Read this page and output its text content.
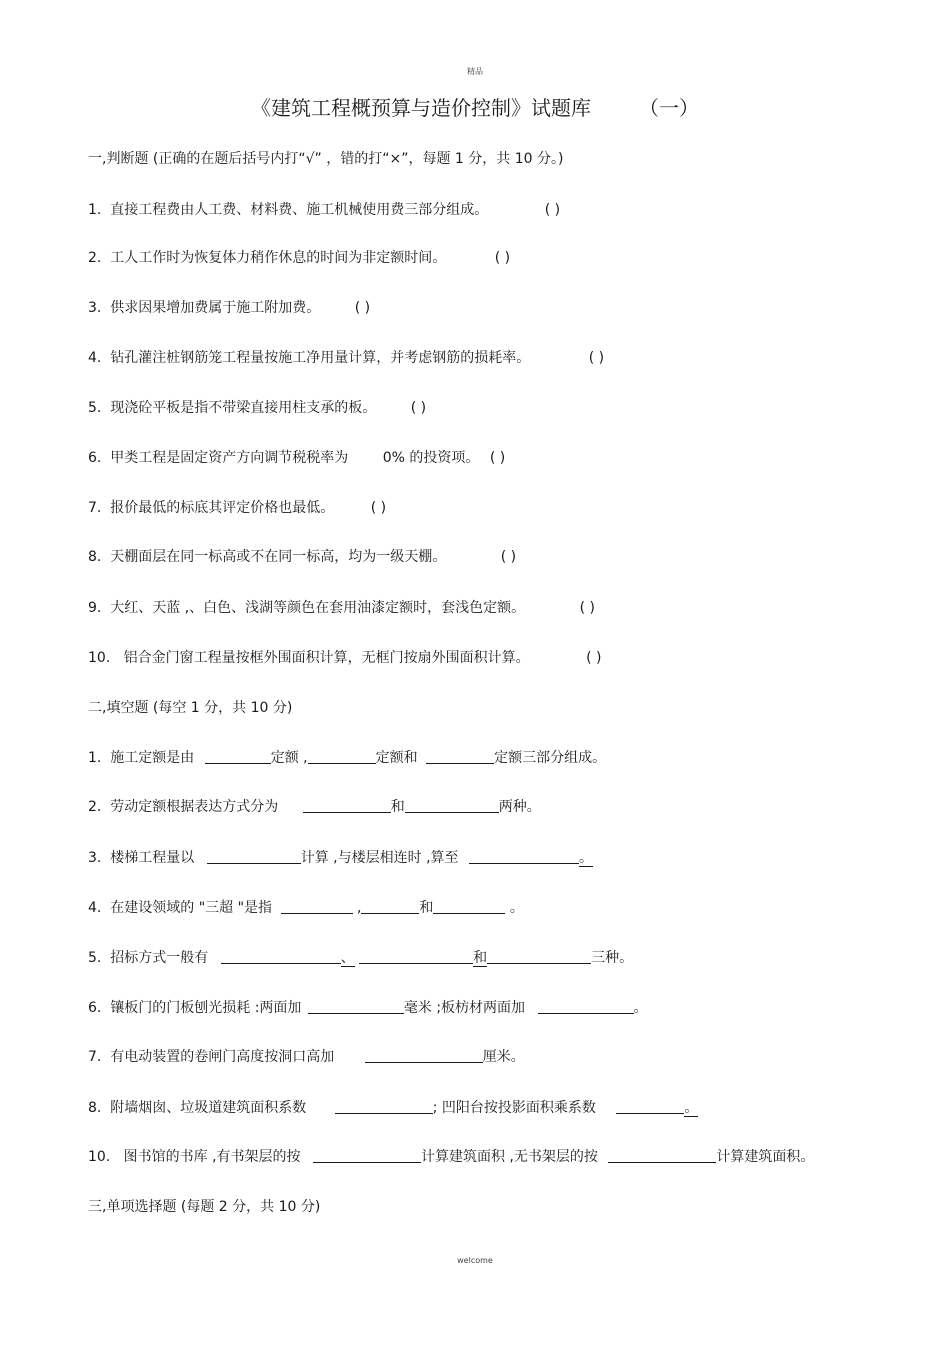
精品
《建筑工程概预算与造价控制》试题库 （一）
一,判断题 (正确的在题后括号内打“√” ，错的打“×”，每题 1 分，共 10 分。)
1. 直接工程费由人工费、材料费、施工机械使用费三部分组成。	( )
2. 工人工作时为恢复体力稍作休息的时间为非定额时间。	( )
3. 供求因果增加费属于施工附加费。 ( )
4. 钻孔灌注桩钢筋笼工程量按施工净用量计算，并考虑钢筋的损耗率。	( )
5. 现浇砼平板是指不带梁直接用柱支承的板。 ( )
6. 甲类工程是固定资产方向调节税税率为 0% 的投资项。 ( )
7. 报价最低的标底其评定价格也最低。	( )
8. 天棚面层在同一标高或不在同一标高，均为一级天棚。	( )
9. 大红、天蓝 ,、白色、浅湖等颜色在套用油漆定额时，套浅色定额。	( )
10. 铝合金门窗工程量按框外围面积计算，无框门按扇外围面积计算。	( )
二,填空题 (每空 1 分，共 10 分)
1. 施工定额是由	定额 ,	定额和	定额三部分组成。
2. 劳动定额根据表达方式分为	和	两种。
3. 楼梯工程量以	计算 ,与楼层相连时 ,算至	。
4. 在建设领域的 "三超 "是指	,	和	。
5. 招标方式一般有	、	和	三种。
6. 镶板门的门板刨光损耗 :两面加	毫米 ;板枋材两面加	。
7. 有电动装置的卷闸门高度按洞口高加	厘米。
8. 附墙烟囱、垃圾道建筑面积系数	; 凹阳台按投影面积乘系数	。
10. 图书馆的书库 ,有书架层的按	计算建筑面积 ,无书架层的按	计算建筑面积。
三,单项选择题 (每题 2 分，共 10 分)
welcome
